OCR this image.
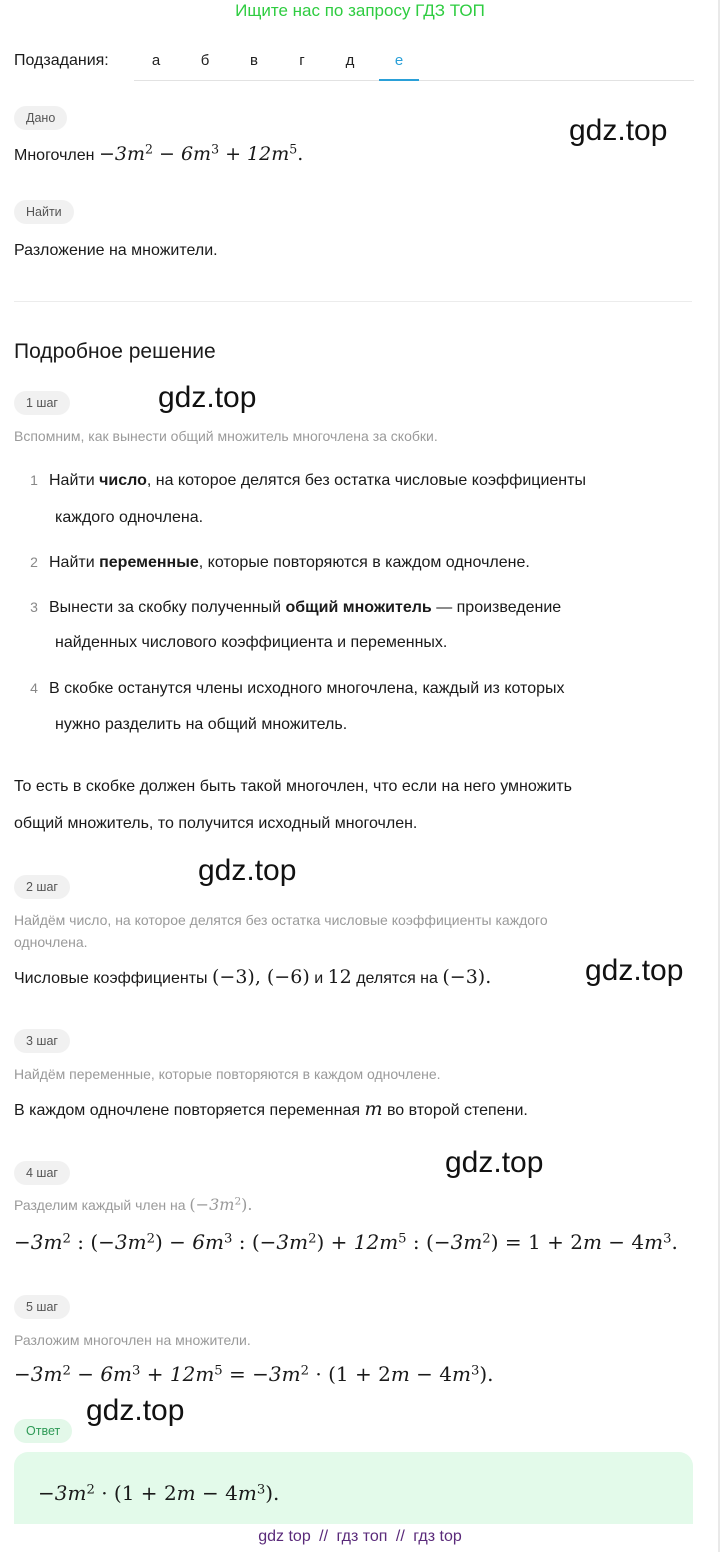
Ищите нас по запросу ГДЗ ТОП
Подзадания:	а	б	в	г	д	е
Дано
Многочлен $-3m^2 - 6m^3 + 12m^5$.
gdz.top
Найти
Разложение на множители.
Подробное решение
1 шаг	gdz.top
Вспомним, как вынести общий множитель многочлена за скобки.
1 Найти число, на которое делятся без остатка числовые коэффициенты
каждого одночлена.
2 Найти переменные, которые повторяются в каждом одночлене.
3 Вынести за скобку полученный общий множитель — произведение
найденных числового коэффициента и переменных.
4 В скобке останутся члены исходного многочлена, каждый из которых
нужно разделить на общий множитель.
То есть в скобке должен быть такой многочлен, что если на него умножить
общий множитель, то получится исходный многочлен.
2 шаг	gdz.top
Найдём число, на которое делятся без остатка числовые коэффициенты каждого
одночлена.
Числовые коэффициенты (−3), (−6) и 12 делятся на (−3).	gdz.top
3 шаг
Найдём переменные, которые повторяются в каждом одночлене.
В каждом одночлене повторяется переменная m во второй степени.
4 шаг	gdz.top
Разделим каждый член на $(-3m^2)$.
$-3m^2$ : $(-3m^2) - 6m^3$ : $(-3m^2) + 12m^5$ : $(-3m^2) = 1 + 2m - 4m^3$.
5 шаг
Разложим многочлен на множители.
$-3m^2 - 6m^3 + 12m^5 = -3m^2 \cdot (1 + 2m - 4m^3)$.
Ответ
gdz.top
$-3m^2 \cdot (1 + 2m - 4m^3)$.
gdz top // гдз топ // гдз top
